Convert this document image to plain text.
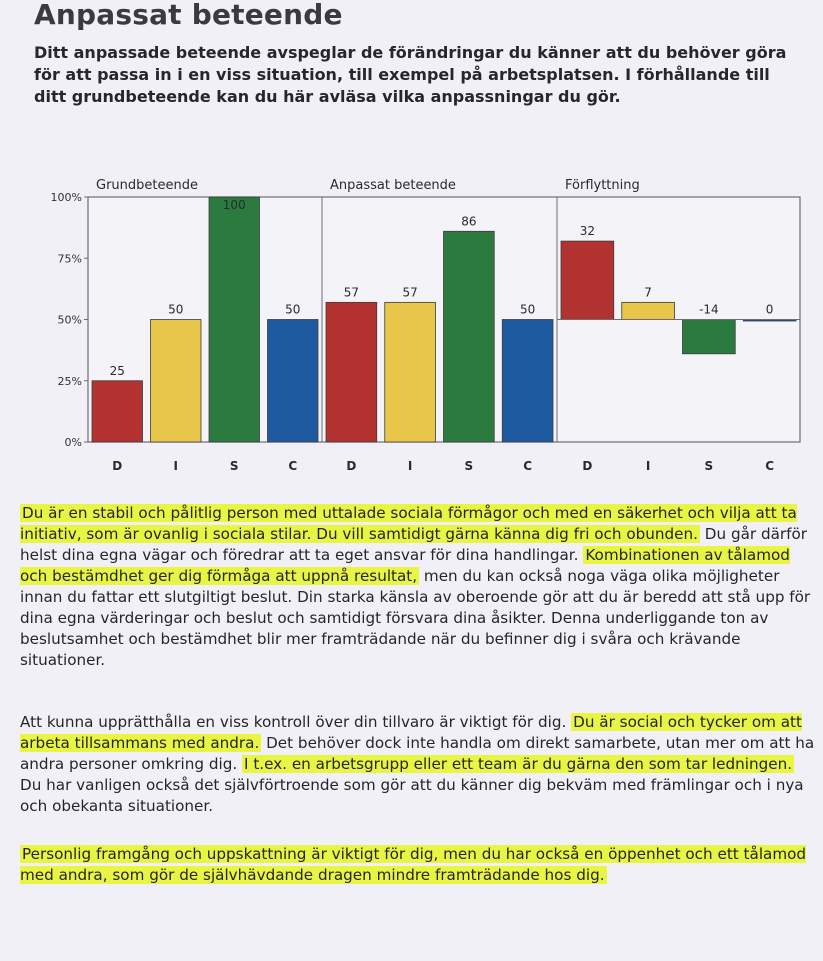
Anpassat beteende

Ditt anpassade beteende avspeglar de förändringar du känner att du behöver göra för att passa in i en viss situation, till exempel på arbetsplatsen. I förhållande till ditt grundbeteende kan du här avläsa vilka anpassningar du gör.

0%
25%
50%
75%
100%
Grundbeteende
25
D
50
I
100
S
50
C
Anpassat beteende
57
D
57
I
86
S
50
C
Förflyttning
32
D
7
I
-14
S
0
C

Du är en stabil och pålitlig person med uttalade sociala förmågor och med en säkerhet och vilja att ta initiativ, som är ovanlig i sociala stilar. Du vill samtidigt gärna känna dig fri och obunden. Du går därför helst dina egna vägar och föredrar att ta eget ansvar för dina handlingar. Kombinationen av tålamod och bestämdhet ger dig förmåga att uppnå resultat, men du kan också noga väga olika möjligheter innan du fattar ett slutgiltigt beslut. Din starka känsla av oberoende gör att du är beredd att stå upp för dina egna värderingar och beslut och samtidigt försvara dina åsikter. Denna underliggande ton av beslutsamhet och bestämdhet blir mer framträdande när du befinner dig i svåra och krävande situationer.

Att kunna upprätthålla en viss kontroll över din tillvaro är viktigt för dig. Du är social och tycker om att arbeta tillsammans med andra. Det behöver dock inte handla om direkt samarbete, utan mer om att ha andra personer omkring dig. I t.ex. en arbetsgrupp eller ett team är du gärna den som tar ledningen. Du har vanligen också det självförtroende som gör att du känner dig bekväm med främlingar och i nya och obekanta situationer.

Personlig framgång och uppskattning är viktigt för dig, men du har också en öppenhet och ett tålamod med andra, som gör de självhävdande dragen mindre framträdande hos dig.
